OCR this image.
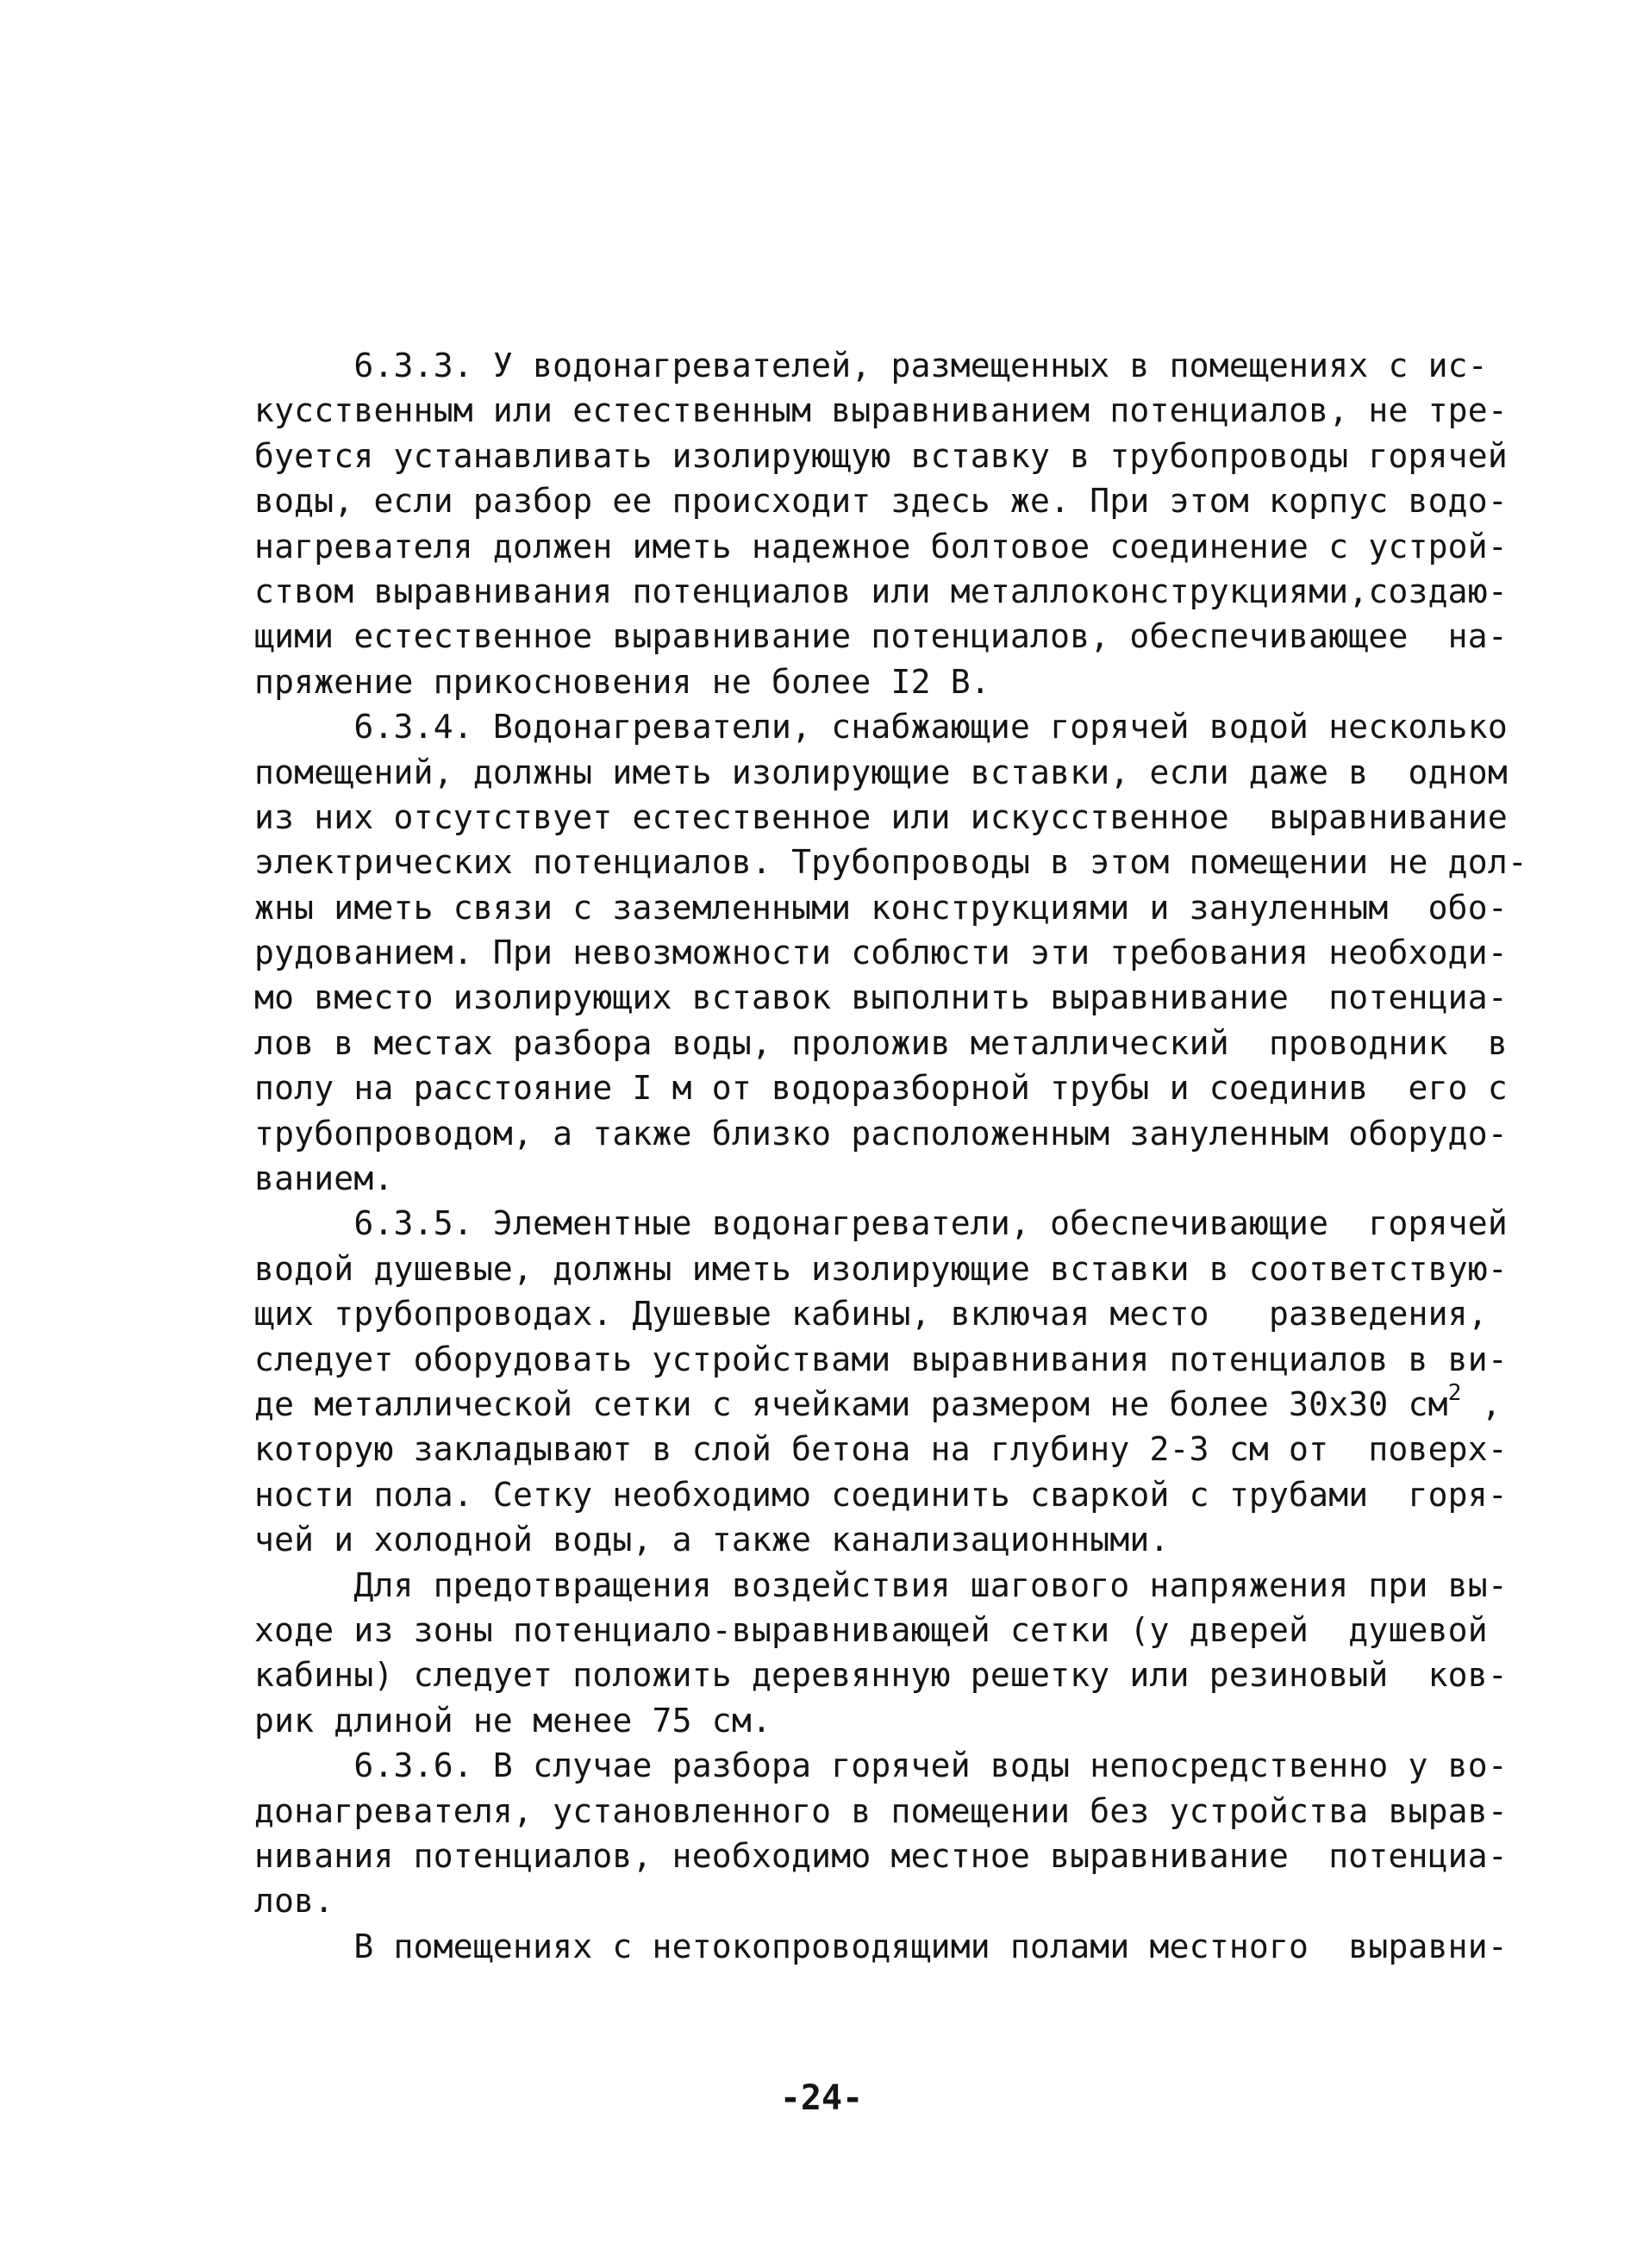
6.3.3. У водонагревателей, размещенных в помещениях с ис-
кусственным или естественным выравниванием потенциалов, не тре-
буется устанавливать изолирующую вставку в трубопроводы горячей
воды, если разбор ее происходит здесь же. При этом корпус водо-
нагревателя должен иметь надежное болтовое соединение с устрой-
ством выравнивания потенциалов или металлоконструкциями,создаю-
щими естественное выравнивание потенциалов, обеспечивающее  на-
пряжение прикосновения не более I2 В.
6.3.4. Водонагреватели, снабжающие горячей водой несколько
помещений, должны иметь изолирующие вставки, если даже в  одном
из них отсутствует естественное или искусственное  выравнивание
электрических потенциалов. Трубопроводы в этом помещении не дол-
жны иметь связи с заземленными конструкциями и зануленным  обо-
рудованием. При невозможности соблюсти эти требования необходи-
мо вместо изолирующих вставок выполнить выравнивание  потенциа-
лов в местах разбора воды, проложив металлический  проводник  в
полу на расстояние I м от водоразборной трубы и соединив  его с
трубопроводом, а также близко расположенным зануленным оборудо-
ванием.
6.3.5. Элементные водонагреватели, обеспечивающие  горячей
водой душевые, должны иметь изолирующие вставки в соответствую-
щих трубопроводах. Душевые кабины, включая место   разведения,
следует оборудовать устройствами выравнивания потенциалов в ви-
де металлической сетки с ячейками размером не более 30x30 $см^2$ ,
которую закладывают в слой бетона на глубину 2-3 см от  поверх-
ности пола. Сетку необходимо соединить сваркой с трубами  горя-
чей и холодной воды, а также канализационными.
Для предотвращения воздействия шагового напряжения при вы-
ходе из зоны потенциало-выравнивающей сетки (у дверей  душевой
кабины) следует положить деревянную решетку или резиновый  ков-
рик длиной не менее 75 см.
6.3.6. В случае разбора горячей воды непосредственно у во-
донагревателя, установленного в помещении без устройства вырав-
нивания потенциалов, необходимо местное выравнивание  потенциа-
лов.
В помещениях с нетокопроводящими полами местного  выравни-
-24-
